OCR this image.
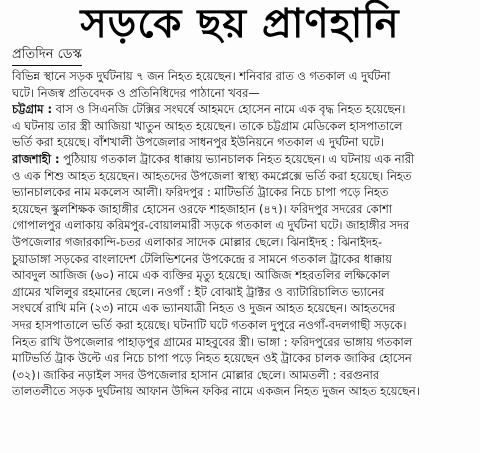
সড়কে ছয় প্রাণহানি
প্রতিদিন ডেস্ক
বিভিন্ন স্থানে সড়ক দুর্ঘটনায় ৭ জন নিহত হয়েছেন। শনিবার রাত ও গতকাল এ দুর্ঘটনা
ঘটে। নিজস্ব প্রতিবেদক ও প্রতিনিধিদের পাঠানো খবর—
চট্টগ্রাম : বাস ও সিএনজি টেক্সির সংঘর্ষে আহমদে হোসেন নামে এক বৃদ্ধ নিহত হয়েছেন।
এ ঘটনায় তার স্ত্রী আজিয়া খাতুন আহত হয়েছেন। তাকে চট্টগ্রাম মেডিকেল হাসপাতালে
ভর্তি করা হয়েছে। বাঁশখালী উপজেলার সাধনপুর ইউনিয়নে গতকাল এ দুর্ঘটনা ঘটে।
রাজশাহী : পুঠিয়ায় গতকাল ট্রাকের ধাক্কায় ভ্যানচালক নিহত হয়েছেন। এ ঘটনায় এক নারী
ও এক শিশু আহত হয়েছেন। আহতদের উপজেলা স্বাস্থ্য কমপ্লেক্সে ভর্তি করা হয়েছে। নিহত
ভ্যানচালকের নাম মকলেস আলী। ফরিদপুর : মাটিভর্তি ট্রাকের নিচে চাপা পড়ে নিহত
হয়েছেন স্কুলশিক্ষক জাহাঙ্গীর হোসেন ওরফে শাহজাহান (৪৭)। ফরিদপুর সদরের কোশা
গোপালপুর এলাকায় করিমপুর-বোয়ালমারী সড়কে গতকাল এ দুর্ঘটনা ঘটে। জাহাঙ্গীর সদর
উপজেলার গজারকান্দি-চতর এলাকার সাদেক মোল্লার ছেলে। ঝিনাইদহ : ঝিনাইদহ-
চুয়াডাঙ্গা সড়কের বাংলাদেশ টেলিভিশনের উপকেন্দ্রে র সামনে গতকাল ট্রাকের ধাক্কায়
আবদুল আজিজ (৬০) নামে এক ব্যক্তির মৃত্যু হয়েছে। আজিজ শহরতলির লক্ষিকোল
গ্রামের খলিলুর রহমানের ছেলে। নওগাঁ : ইট বোঝাই ট্রাক্টর ও ব্যাটারিচালিত ভ্যানের
সংঘর্ষে রাখি মনি (২৩) নামে এক ভ্যানযাত্রী নিহত ও দুজন আহত হয়েছেন। আহতদের
সদর হাসপাতালে ভর্তি করা হয়েছে। ঘটনাটি ঘটে গতকাল দুপুরে নওগাঁ-বদলগাছী সড়কে।
নিহত রাখি উপজেলার পাহাড়পুর গ্রামের মাহবুবের স্ত্রী। ভাঙ্গা : ফরিদপুরের ভাঙ্গায় গতকাল
মাটিভর্তি ট্রাক উল্টে এর নিচে চাপা পড়ে নিহত হয়েছেন ওই ট্রাকের চালক জাকির হোসেন
(৩২)। জাকির নড়াইল সদর উপজেলার হাসান মোল্লার ছেলে। আমতলী : বরগুনার
তালতলীতে সড়ক দুর্ঘটনায় আফান উদ্দিন ফকির নামে একজন নিহত দুজন আহত হয়েছেন।
